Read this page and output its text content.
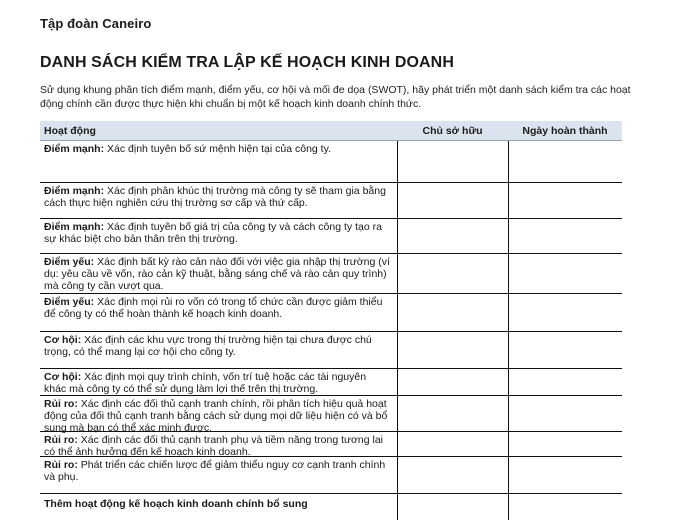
Tập đoàn Caneiro
DANH SÁCH KIỂM TRA LẬP KẾ HOẠCH KINH DOANH
Sử dụng khung phân tích điểm mạnh, điểm yếu, cơ hội và mối đe dọa (SWOT), hãy phát triển một danh sách kiểm tra các hoạt động chính cần được thực hiện khi chuẩn bị một kế hoạch kinh doanh chính thức.
Hoạt động	Chủ sở hữu	Ngày hoàn thành
Điểm mạnh: Xác định tuyên bố sứ mệnh hiện tại của công ty.
Điểm mạnh: Xác định phân khúc thị trường mà công ty sẽ tham gia bằng cách thực hiện nghiên cứu thị trường sơ cấp và thứ cấp.
Điểm mạnh: Xác định tuyên bố giá trị của công ty và cách công ty tạo ra sự khác biệt cho bản thân trên thị trường.
Điểm yếu: Xác định bất kỳ rào cản nào đối với việc gia nhập thị trường (ví dụ: yêu cầu về vốn, rào cản kỹ thuật, bằng sáng chế và rào cản quy trình) mà công ty cần vượt qua.
Điểm yếu: Xác định mọi rủi ro vốn có trong tổ chức cần được giảm thiểu để công ty có thể hoàn thành kế hoạch kinh doanh.
Cơ hội: Xác định các khu vực trong thị trường hiện tại chưa được chú trọng, có thể mang lại cơ hội cho công ty.
Cơ hội: Xác định mọi quy trình chính, vốn trí tuệ hoặc các tài nguyên khác mà công ty có thể sử dụng làm lợi thế trên thị trường.
Rủi ro: Xác định các đối thủ cạnh tranh chính, rồi phân tích hiệu quả hoạt động của đối thủ cạnh tranh bằng cách sử dụng mọi dữ liệu hiện có và bổ sung mà bạn có thể xác minh được.
Rủi ro: Xác định các đối thủ cạnh tranh phụ và tiềm năng trong tương lai có thể ảnh hưởng đến kế hoạch kinh doanh.
Rủi ro: Phát triển các chiến lược để giảm thiểu nguy cơ cạnh tranh chính và phụ.
Thêm hoạt động kế hoạch kinh doanh chính bổ sung
